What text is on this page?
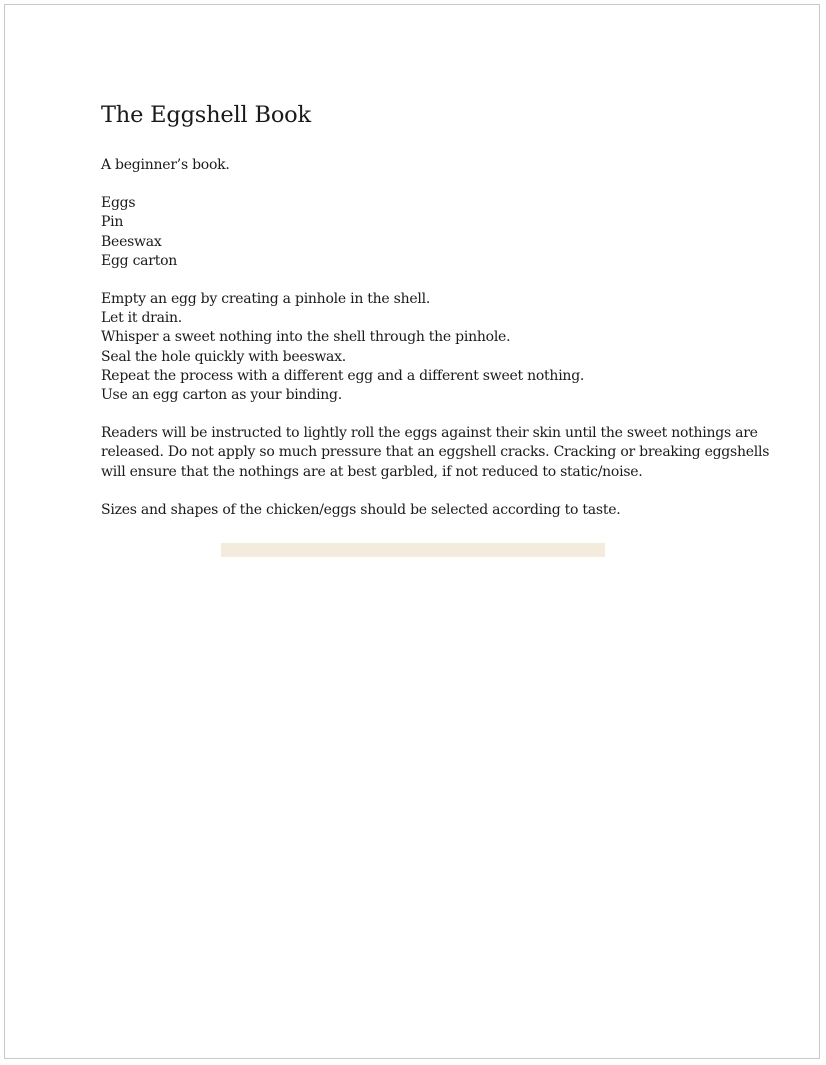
The Eggshell Book

A beginner’s book.

Eggs
Pin
Beeswax
Egg carton

Empty an egg by creating a pinhole in the shell.
Let it drain.
Whisper a sweet nothing into the shell through the pinhole.
Seal the hole quickly with beeswax.
Repeat the process with a different egg and a different sweet nothing.
Use an egg carton as your binding.

Readers will be instructed to lightly roll the eggs against their skin until the sweet nothings are
released. Do not apply so much pressure that an eggshell cracks. Cracking or breaking eggshells
will ensure that the nothings are at best garbled, if not reduced to static/noise.

Sizes and shapes of the chicken/eggs should be selected according to taste.
